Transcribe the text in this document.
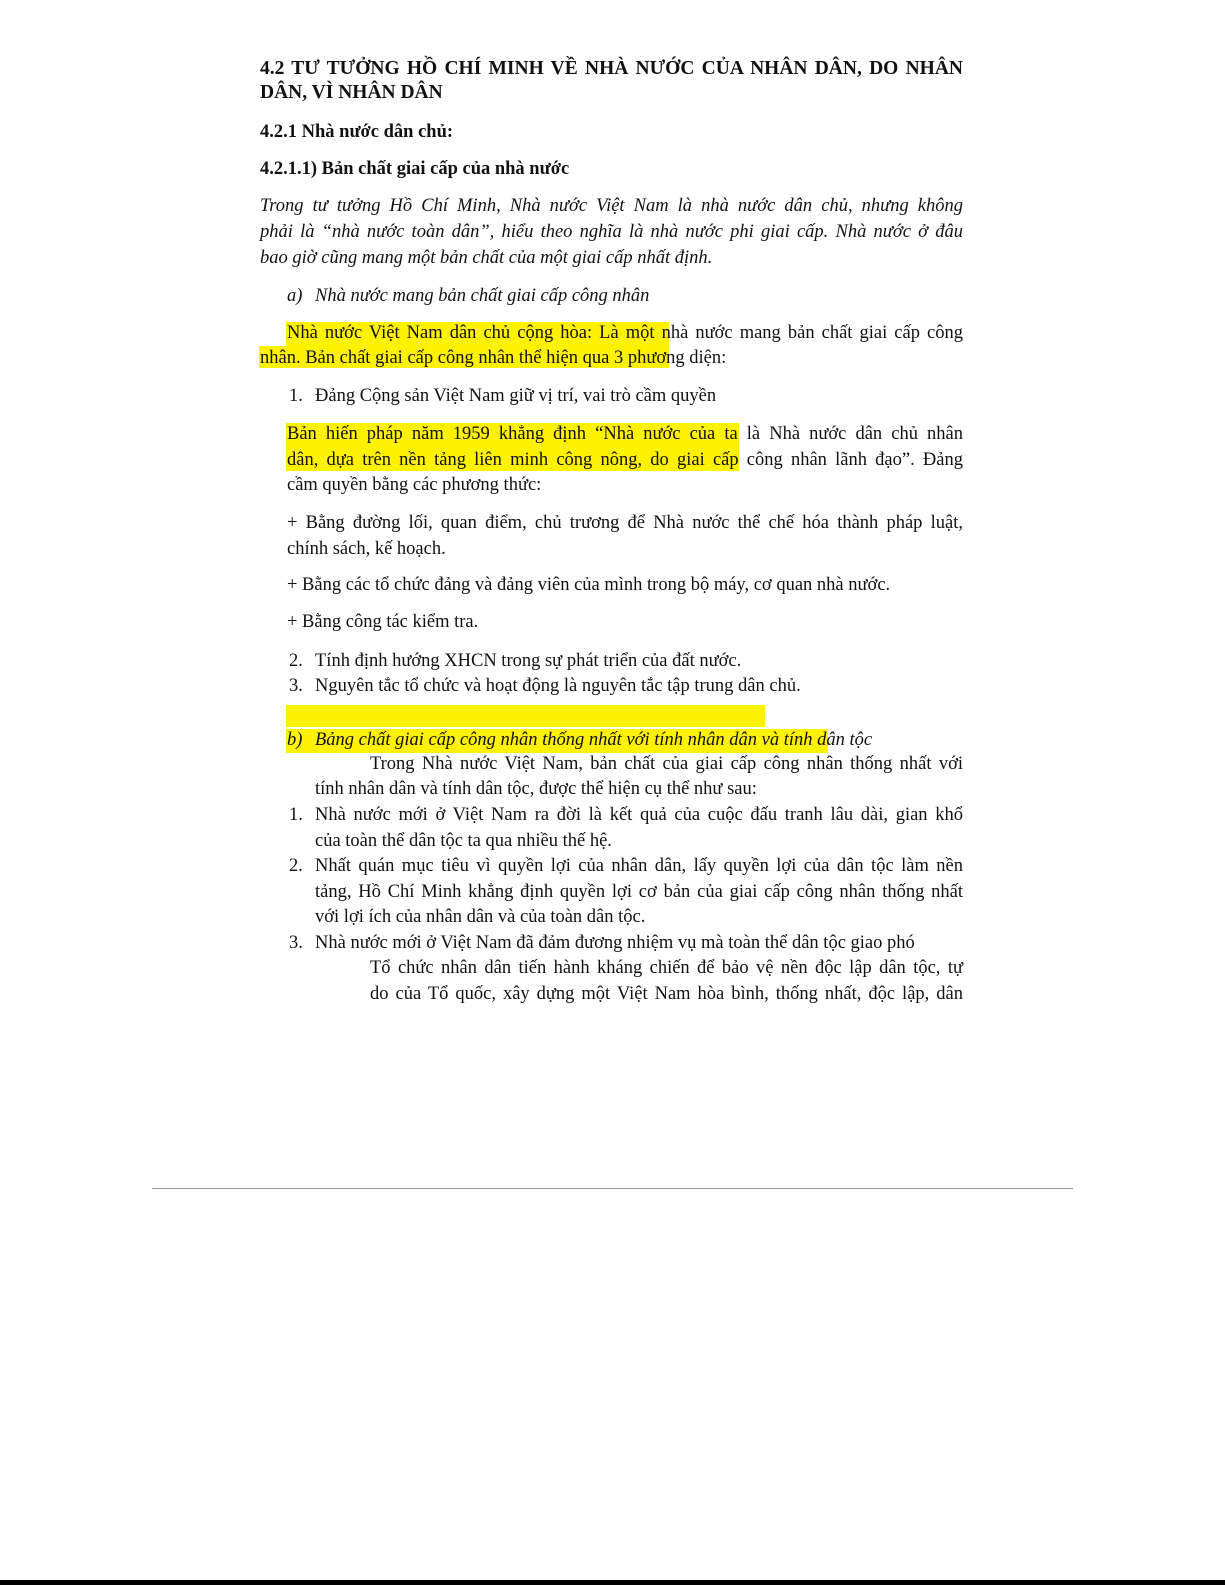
4.2 TƯ TƯỞNG HỒ CHÍ MINH VỀ NHÀ NƯỚC CỦA NHÂN DÂN, DO NHÂN
DÂN, VÌ NHÂN DÂN
4.2.1 Nhà nước dân chủ:
4.2.1.1) Bản chất giai cấp của nhà nước
Trong tư tưởng Hồ Chí Minh, Nhà nước Việt Nam là nhà nước dân chủ, nhưng không
phải là “nhà nước toàn dân”, hiểu theo nghĩa là nhà nước phi giai cấp. Nhà nước ở đâu
bao giờ cũng mang một bản chất của một giai cấp nhất định.
a) Nhà nước mang bản chất giai cấp công nhân
Nhà nước Việt Nam dân chủ cộng hòa: Là một nhà nước mang bản chất giai cấp công
nhân. Bản chất giai cấp công nhân thể hiện qua 3 phương diện:
1. Đảng Cộng sản Việt Nam giữ vị trí, vai trò cầm quyền
Bản hiến pháp năm 1959 khẳng định “Nhà nước của ta là Nhà nước dân chủ nhân
dân, dựa trên nền tảng liên minh công nông, do giai cấp công nhân lãnh đạo”. Đảng
cầm quyền bằng các phương thức:
+ Bằng đường lối, quan điểm, chủ trương để Nhà nước thể chế hóa thành pháp luật,
chính sách, kế hoạch.
+ Bằng các tổ chức đảng và đảng viên của mình trong bộ máy, cơ quan nhà nước.
+ Bằng công tác kiểm tra.
2. Tính định hướng XHCN trong sự phát triển của đất nước.
3. Nguyên tắc tổ chức và hoạt động là nguyên tắc tập trung dân chủ.
b) Bảng chất giai cấp công nhân thống nhất với tính nhân dân và tính dân tộc
Trong Nhà nước Việt Nam, bản chất của giai cấp công nhân thống nhất với
tính nhân dân và tính dân tộc, được thể hiện cụ thể như sau:
1. Nhà nước mới ở Việt Nam ra đời là kết quả của cuộc đấu tranh lâu dài, gian khổ
của toàn thể dân tộc ta qua nhiều thế hệ.
2. Nhất quán mục tiêu vì quyền lợi của nhân dân, lấy quyền lợi của dân tộc làm nền
tảng, Hồ Chí Minh khẳng định quyền lợi cơ bản của giai cấp công nhân thống nhất
với lợi ích của nhân dân và của toàn dân tộc.
3. Nhà nước mới ở Việt Nam đã đảm đương nhiệm vụ mà toàn thể dân tộc giao phó
Tổ chức nhân dân tiến hành kháng chiến để bảo vệ nền độc lập dân tộc, tự
do của Tổ quốc, xây dựng một Việt Nam hòa bình, thống nhất, độc lập, dân
